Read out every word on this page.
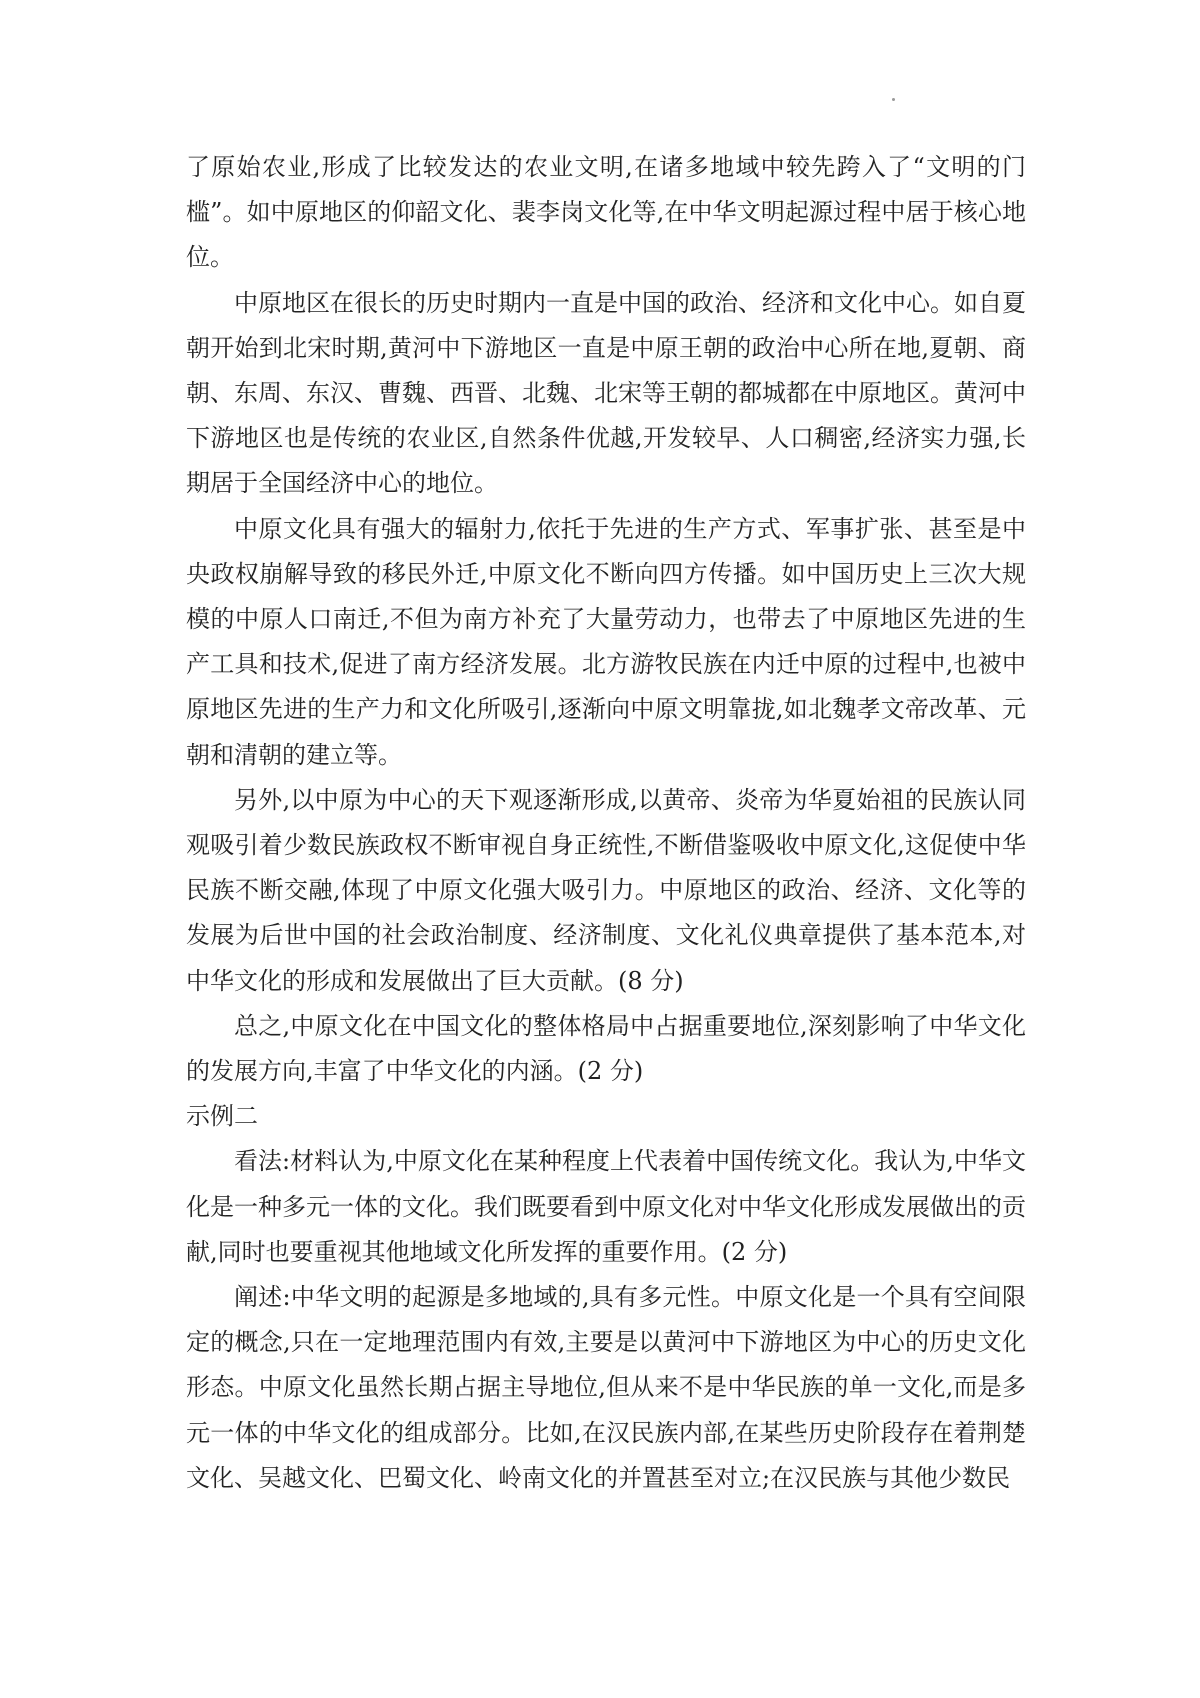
了原始农业,形成了比较发达的农业文明,在诸多地域中较先跨入了“文明的门槛”。如中原地区的仰韶文化、裴李岗文化等,在中华文明起源过程中居于核心地位。

中原地区在很长的历史时期内一直是中国的政治、经济和文化中心。如自夏朝开始到北宋时期,黄河中下游地区一直是中原王朝的政治中心所在地,夏朝、商朝、东周、东汉、曹魏、西晋、北魏、北宋等王朝的都城都在中原地区。黄河中下游地区也是传统的农业区,自然条件优越,开发较早、人口稠密,经济实力强,长期居于全国经济中心的地位。

中原文化具有强大的辐射力,依托于先进的生产方式、军事扩张、甚至是中央政权崩解导致的移民外迁,中原文化不断向四方传播。如中国历史上三次大规模的中原人口南迁,不但为南方补充了大量劳动力，也带去了中原地区先进的生产工具和技术,促进了南方经济发展。北方游牧民族在内迁中原的过程中,也被中原地区先进的生产力和文化所吸引,逐渐向中原文明靠拢,如北魏孝文帝改革、元朝和清朝的建立等。

另外,以中原为中心的天下观逐渐形成,以黄帝、炎帝为华夏始祖的民族认同观吸引着少数民族政权不断审视自身正统性,不断借鉴吸收中原文化,这促使中华民族不断交融,体现了中原文化强大吸引力。中原地区的政治、经济、文化等的发展为后世中国的社会政治制度、经济制度、文化礼仪典章提供了基本范本,对中华文化的形成和发展做出了巨大贡献。(8 分)

总之,中原文化在中国文化的整体格局中占据重要地位,深刻影响了中华文化的发展方向,丰富了中华文化的内涵。(2 分)

示例二

看法:材料认为,中原文化在某种程度上代表着中国传统文化。我认为,中华文化是一种多元一体的文化。我们既要看到中原文化对中华文化形成发展做出的贡献,同时也要重视其他地域文化所发挥的重要作用。(2 分)

阐述:中华文明的起源是多地域的,具有多元性。中原文化是一个具有空间限定的概念,只在一定地理范围内有效,主要是以黄河中下游地区为中心的历史文化形态。中原文化虽然长期占据主导地位,但从来不是中华民族的单一文化,而是多元一体的中华文化的组成部分。比如,在汉民族内部,在某些历史阶段存在着荆楚文化、吴越文化、巴蜀文化、岭南文化的并置甚至对立;在汉民族与其他少数民
